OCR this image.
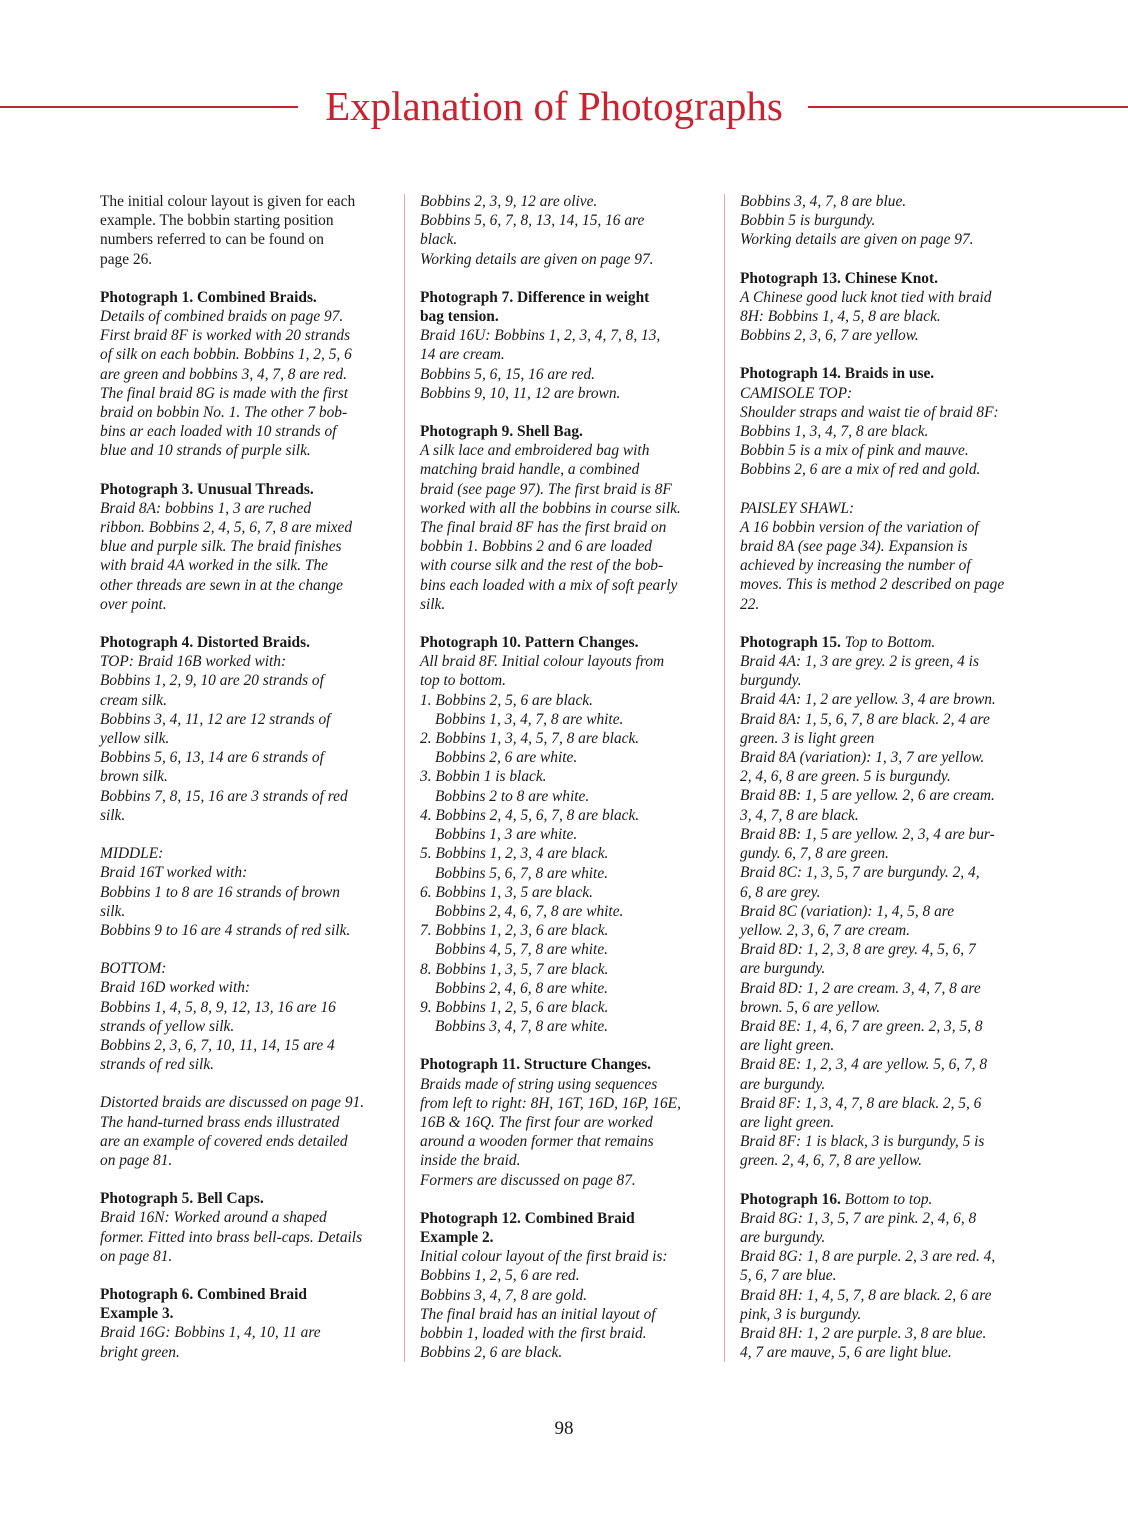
Explanation of Photographs
The initial colour layout is given for each
example. The bobbin starting position
numbers referred to can be found on
page 26.
Photograph 1. Combined Braids.
Details of combined braids on page 97.
First braid 8F is worked with 20 strands
of silk on each bobbin. Bobbins 1, 2, 5, 6
are green and bobbins 3, 4, 7, 8 are red.
The final braid 8G is made with the first
braid on bobbin No. 1. The other 7 bob-
bins ar each loaded with 10 strands of
blue and 10 strands of purple silk.
Photograph 3. Unusual Threads.
Braid 8A: bobbins 1, 3 are ruched
ribbon. Bobbins 2, 4, 5, 6, 7, 8 are mixed
blue and purple silk. The braid finishes
with braid 4A worked in the silk. The
other threads are sewn in at the change
over point.
Photograph 4. Distorted Braids.
TOP: Braid 16B worked with:
Bobbins 1, 2, 9, 10 are 20 strands of
cream silk.
Bobbins 3, 4, 11, 12 are 12 strands of
yellow silk.
Bobbins 5, 6, 13, 14 are 6 strands of
brown silk.
Bobbins 7, 8, 15, 16 are 3 strands of red
silk.
MIDDLE:
Braid 16T worked with:
Bobbins 1 to 8 are 16 strands of brown
silk.
Bobbins 9 to 16 are 4 strands of red silk.
BOTTOM:
Braid 16D worked with:
Bobbins 1, 4, 5, 8, 9, 12, 13, 16 are 16
strands of yellow silk.
Bobbins 2, 3, 6, 7, 10, 11, 14, 15 are 4
strands of red silk.
Distorted braids are discussed on page 91.
The hand-turned brass ends illustrated
are an example of covered ends detailed
on page 81.
Photograph 5. Bell Caps.
Braid 16N: Worked around a shaped
former. Fitted into brass bell-caps. Details
on page 81.
Photograph 6. Combined Braid
Example 3.
Braid 16G: Bobbins 1, 4, 10, 11 are
bright green.
Bobbins 2, 3, 9, 12 are olive.
Bobbins 5, 6, 7, 8, 13, 14, 15, 16 are
black.
Working details are given on page 97.
Photograph 7. Difference in weight
bag tension.
Braid 16U: Bobbins 1, 2, 3, 4, 7, 8, 13,
14 are cream.
Bobbins 5, 6, 15, 16 are red.
Bobbins 9, 10, 11, 12 are brown.
Photograph 9. Shell Bag.
A silk lace and embroidered bag with
matching braid handle, a combined
braid (see page 97). The first braid is 8F
worked with all the bobbins in course silk.
The final braid 8F has the first braid on
bobbin 1. Bobbins 2 and 6 are loaded
with course silk and the rest of the bob-
bins each loaded with a mix of soft pearly
silk.
Photograph 10. Pattern Changes.
All braid 8F. Initial colour layouts from
top to bottom.
1. Bobbins 2, 5, 6 are black.
Bobbins 1, 3, 4, 7, 8 are white.
2. Bobbins 1, 3, 4, 5, 7, 8 are black.
Bobbins 2, 6 are white.
3. Bobbin 1 is black.
Bobbins 2 to 8 are white.
4. Bobbins 2, 4, 5, 6, 7, 8 are black.
Bobbins 1, 3 are white.
5. Bobbins 1, 2, 3, 4 are black.
Bobbins 5, 6, 7, 8 are white.
6. Bobbins 1, 3, 5 are black.
Bobbins 2, 4, 6, 7, 8 are white.
7. Bobbins 1, 2, 3, 6 are black.
Bobbins 4, 5, 7, 8 are white.
8. Bobbins 1, 3, 5, 7 are black.
Bobbins 2, 4, 6, 8 are white.
9. Bobbins 1, 2, 5, 6 are black.
Bobbins 3, 4, 7, 8 are white.
Photograph 11. Structure Changes.
Braids made of string using sequences
from left to right: 8H, 16T, 16D, 16P, 16E,
16B & 16Q. The first four are worked
around a wooden former that remains
inside the braid.
Formers are discussed on page 87.
Photograph 12. Combined Braid
Example 2.
Initial colour layout of the first braid is:
Bobbins 1, 2, 5, 6 are red.
Bobbins 3, 4, 7, 8 are gold.
The final braid has an initial layout of
bobbin 1, loaded with the first braid.
Bobbins 2, 6 are black.
Bobbins 3, 4, 7, 8 are blue.
Bobbin 5 is burgundy.
Working details are given on page 97.
Photograph 13. Chinese Knot.
A Chinese good luck knot tied with braid
8H: Bobbins 1, 4, 5, 8 are black.
Bobbins 2, 3, 6, 7 are yellow.
Photograph 14. Braids in use.
CAMISOLE TOP:
Shoulder straps and waist tie of braid 8F:
Bobbins 1, 3, 4, 7, 8 are black.
Bobbin 5 is a mix of pink and mauve.
Bobbins 2, 6 are a mix of red and gold.
PAISLEY SHAWL:
A 16 bobbin version of the variation of
braid 8A (see page 34). Expansion is
achieved by increasing the number of
moves. This is method 2 described on page
22.
Photograph 15. Top to Bottom.
Braid 4A: 1, 3 are grey. 2 is green, 4 is
burgundy.
Braid 4A: 1, 2 are yellow. 3, 4 are brown.
Braid 8A: 1, 5, 6, 7, 8 are black. 2, 4 are
green. 3 is light green
Braid 8A (variation): 1, 3, 7 are yellow.
2, 4, 6, 8 are green. 5 is burgundy.
Braid 8B: 1, 5 are yellow. 2, 6 are cream.
3, 4, 7, 8 are black.
Braid 8B: 1, 5 are yellow. 2, 3, 4 are bur-
gundy. 6, 7, 8 are green.
Braid 8C: 1, 3, 5, 7 are burgundy. 2, 4,
6, 8 are grey.
Braid 8C (variation): 1, 4, 5, 8 are
yellow. 2, 3, 6, 7 are cream.
Braid 8D: 1, 2, 3, 8 are grey. 4, 5, 6, 7
are burgundy.
Braid 8D: 1, 2 are cream. 3, 4, 7, 8 are
brown. 5, 6 are yellow.
Braid 8E: 1, 4, 6, 7 are green. 2, 3, 5, 8
are light green.
Braid 8E: 1, 2, 3, 4 are yellow. 5, 6, 7, 8
are burgundy.
Braid 8F: 1, 3, 4, 7, 8 are black. 2, 5, 6
are light green.
Braid 8F: 1 is black, 3 is burgundy, 5 is
green. 2, 4, 6, 7, 8 are yellow.
Photograph 16. Bottom to top.
Braid 8G: 1, 3, 5, 7 are pink. 2, 4, 6, 8
are burgundy.
Braid 8G: 1, 8 are purple. 2, 3 are red. 4,
5, 6, 7 are blue.
Braid 8H: 1, 4, 5, 7, 8 are black. 2, 6 are
pink, 3 is burgundy.
Braid 8H: 1, 2 are purple. 3, 8 are blue.
4, 7 are mauve, 5, 6 are light blue.
98
